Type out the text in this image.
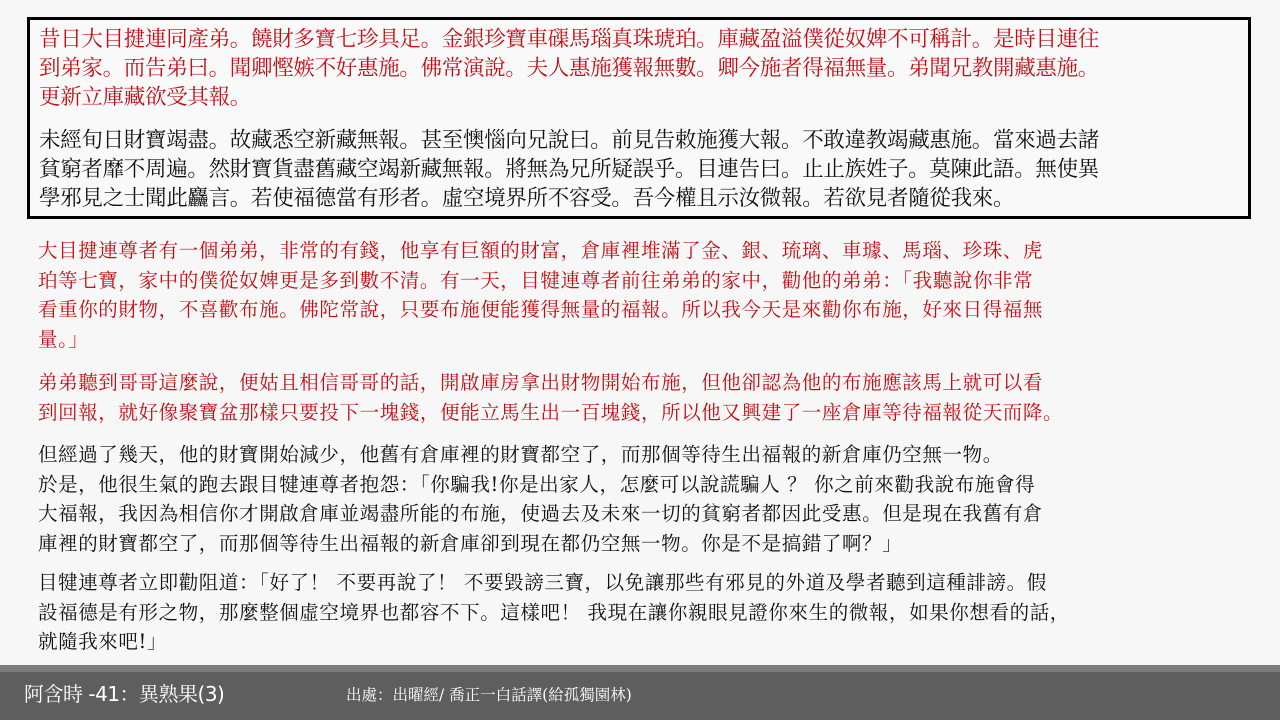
昔日大目揵連同產弟。饒財多寶七珍具足。金銀珍寶車磲馬瑙真珠琥珀。庫藏盈溢僕從奴婢不可稱計。是時目連往
到弟家。而告弟曰。聞卿慳嫉不好惠施。佛常演說。夫人惠施獲報無數。卿今施者得福無量。弟聞兄教開藏惠施。
更新立庫藏欲受其報。
未經旬日財寶竭盡。故藏悉空新藏無報。甚至懊惱向兄說曰。前見告敕施獲大報。不敢違教竭藏惠施。當來過去諸
貧窮者靡不周遍。然財寶貨盡舊藏空竭新藏無報。將無為兄所疑誤乎。目連告曰。止止族姓子。莫陳此語。無使異
學邪見之士聞此麤言。若使福德當有形者。虛空境界所不容受。吾今權且示汝微報。若欲見者隨從我來。
大目揵連尊者有一個弟弟，非常的有錢，他享有巨額的財富，倉庫裡堆滿了金、銀、琉璃、車璩、馬瑙、珍珠、虎
珀等七寶，家中的僕從奴婢更是多到數不清。有一天，目犍連尊者前往弟弟的家中，勸他的弟弟：「我聽說你非常
看重你的財物，不喜歡布施。佛陀常說，只要布施便能獲得無量的福報。所以我今天是來勸你布施，好來日得福無
量。」
弟弟聽到哥哥這麼說，便姑且相信哥哥的話，開啟庫房拿出財物開始布施，但他卻認為他的布施應該馬上就可以看
到回報，就好像聚寶盆那樣只要投下一塊錢，便能立馬生出一百塊錢，所以他又興建了一座倉庫等待福報從天而降。
但經過了幾天，他的財寶開始減少，他舊有倉庫裡的財寶都空了，而那個等待生出福報的新倉庫仍空無一物。
於是，他很生氣的跑去跟目犍連尊者抱怨：「你騙我!你是出家人，怎麼可以說謊騙人 ？ 你之前來勸我說布施會得
大福報，我因為相信你才開啟倉庫並竭盡所能的布施，使過去及未來一切的貧窮者都因此受惠。但是現在我舊有倉
庫裡的財寶都空了，而那個等待生出福報的新倉庫卻到現在都仍空無一物。你是不是搞錯了啊？」
目犍連尊者立即勸阻道：「好了！ 不要再說了！ 不要毀謗三寶，以免讓那些有邪見的外道及學者聽到這種誹謗。假
設福德是有形之物，那麼整個虛空境界也都容不下。這樣吧！ 我現在讓你親眼見證你來生的微報，如果你想看的話，
就隨我來吧!」
阿含時 -41：異熟果(3)	出處：出曜經/ 喬正一白話譯(給孤獨園林)
